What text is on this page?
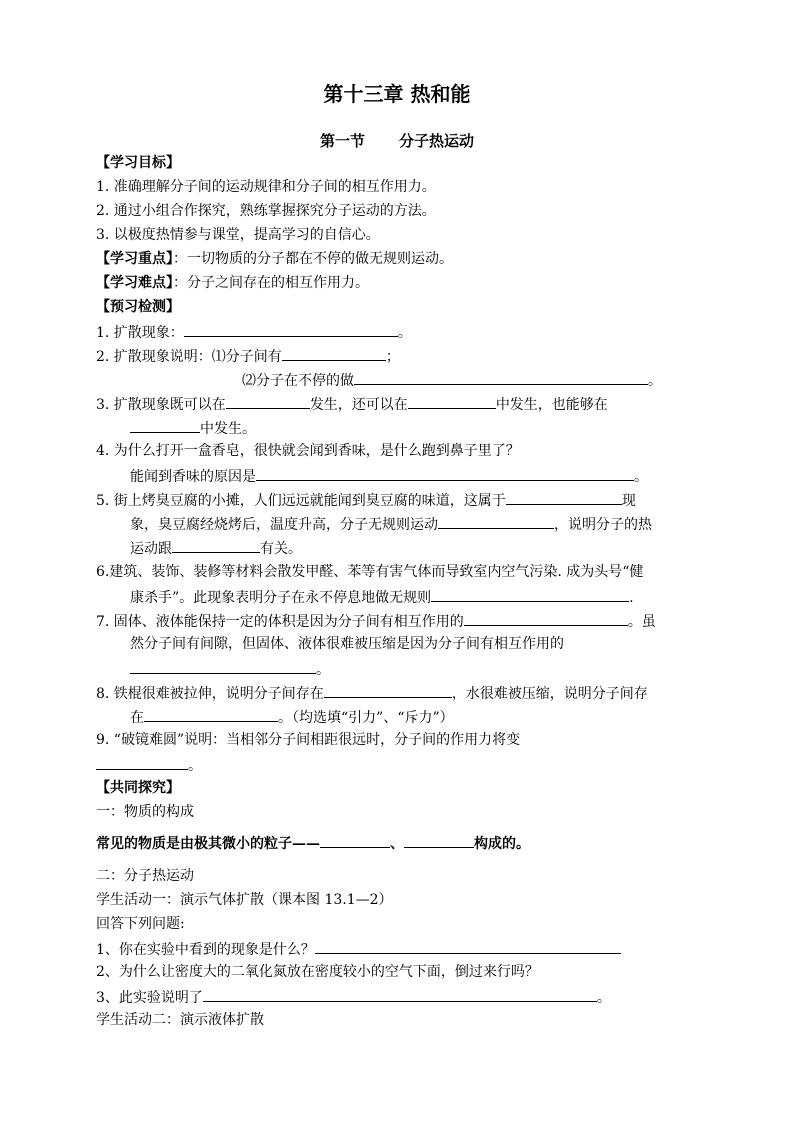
第十三章 热和能
第一节 分子热运动
【学习目标】
1. 准确理解分子间的运动规律和分子间的相互作用力。
2. 通过小组合作探究，熟练掌握探究分子运动的方法。
3. 以极度热情参与课堂，提高学习的自信心。
【学习重点】：一切物质的分子都在不停的做无规则运动。
【学习难点】：分子之间存在的相互作用力。
【预习检测】
1. 扩散现象：	。
2. 扩散现象说明：⑴分子间有	；
⑵分子在不停的做	。
3. 扩散现象既可以在	发生，还可以在	中发生，也能够在
中发生。
4. 为什么打开一盒香皂，很快就会闻到香味，是什么跑到鼻子里了？
能闻到香味的原因是	。
5. 街上烤臭豆腐的小摊，人们远远就能闻到臭豆腐的味道，这属于	现
象，臭豆腐经烧烤后，温度升高，分子无规则运动	，说明分子的热
运动跟	有关。
6.建筑、装饰、装修等材料会散发甲醛、苯等有害气体而导致室内空气污染. 成为头号“健
康杀手”。此现象表明分子在永不停息地做无规则	.
7. 固体、液体能保持一定的体积是因为分子间有相互作用的	。虽
然分子间有间隙，但固体、液体很难被压缩是因为分子间有相互作用的
。
8. 铁棍很难被拉伸，说明分子间存在	，水很难被压缩，说明分子间存
在	。（均选填“引力”、“斥力”）
9. “破镜难圆”说明：当相邻分子间相距很远时，分子间的作用力将变
。
【共同探究】
一：物质的构成
常见的物质是由极其微小的粒子——	、	构成的。
二：分子热运动
学生活动一：演示气体扩散（课本图 13.1—2）
回答下列问题:
1、你在实验中看到的现象是什么？
2、为什么让密度大的二氧化氮放在密度较小的空气下面，倒过来行吗？
3、此实验说明了	。
学生活动二：演示液体扩散
